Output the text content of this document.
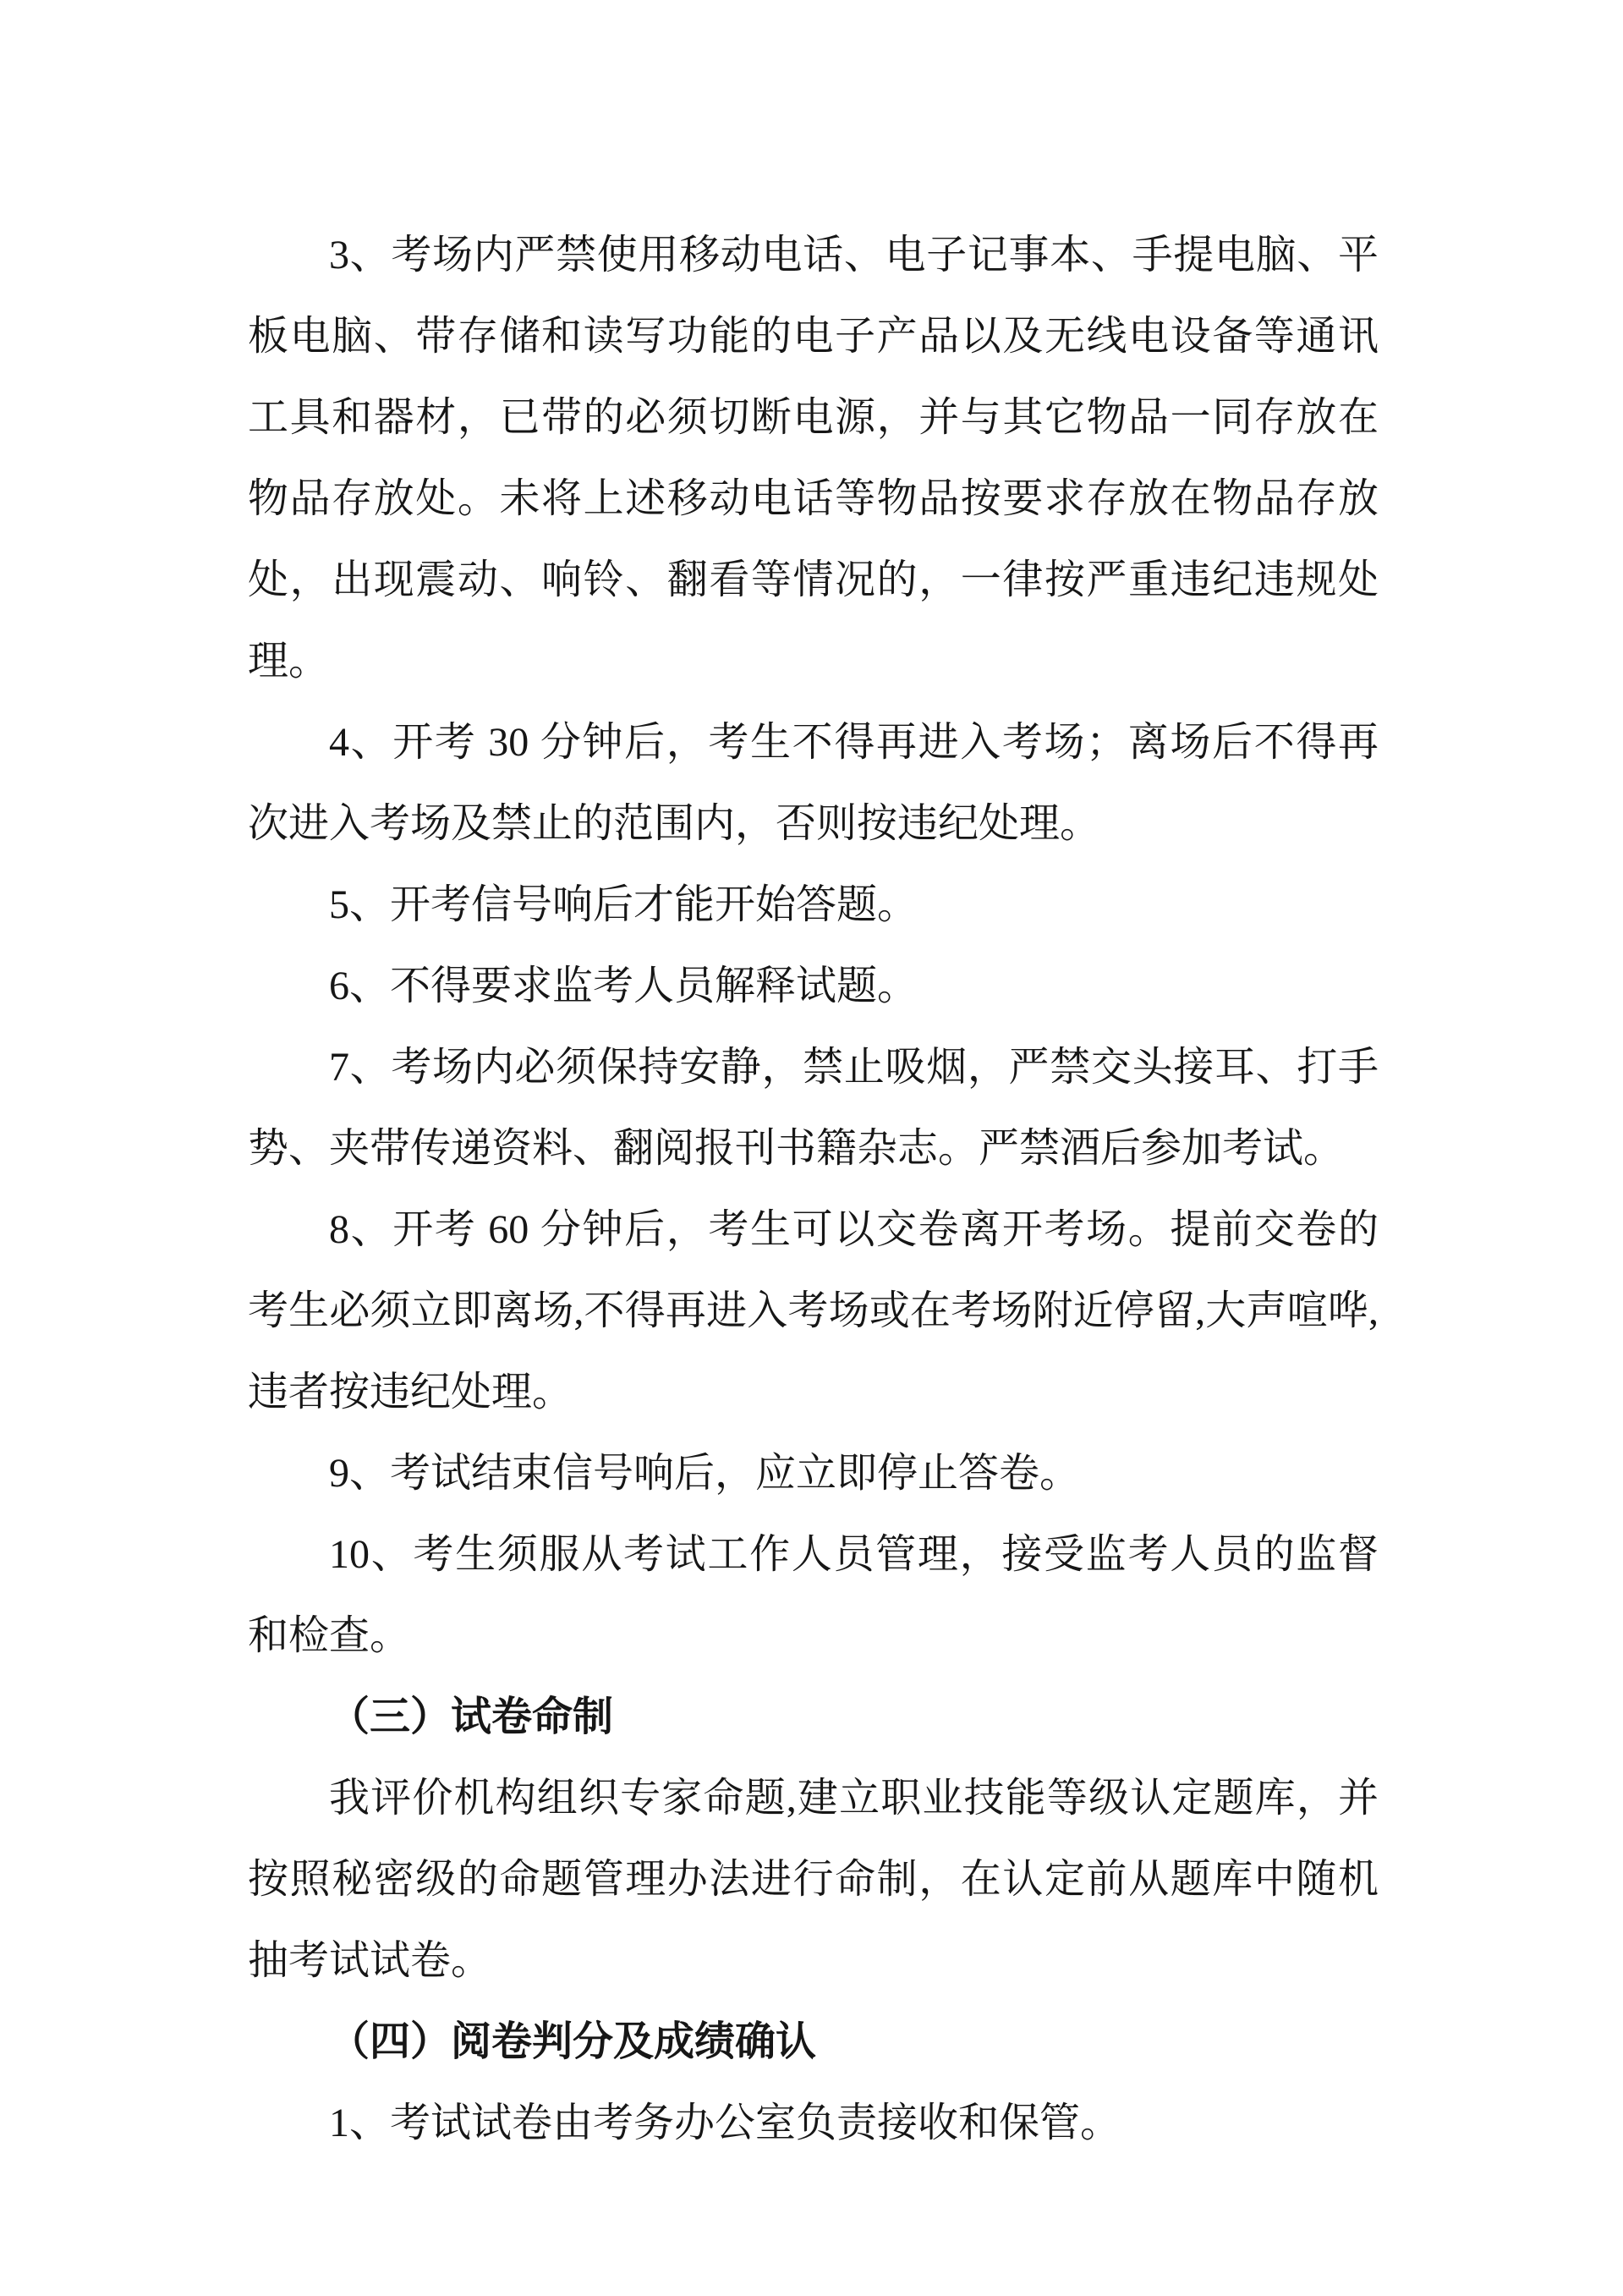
3、考场内严禁使用移动电话、电子记事本、手提电脑、平板电脑、带存储和读写功能的电子产品以及无线电设备等通讯工具和器材，已带的必须切断电源，并与其它物品一同存放在物品存放处。未将上述移动电话等物品按要求存放在物品存放处，出现震动、响铃、翻看等情况的，一律按严重违纪违规处理。

4、开考 30 分钟后，考生不得再进入考场；离场后不得再次进入考场及禁止的范围内，否则按违纪处理。

5、开考信号响后才能开始答题。

6、不得要求监考人员解释试题。

7、考场内必须保持安静，禁止吸烟，严禁交头接耳、打手势、夹带传递资料、翻阅报刊书籍杂志。严禁酒后参加考试。

8、开考 60 分钟后，考生可以交卷离开考场。提前交卷的考生必须立即离场,不得再进入考场或在考场附近停留,大声喧哗,违者按违纪处理。

9、考试结束信号响后，应立即停止答卷。

10、考生须服从考试工作人员管理，接受监考人员的监督和检查。

（三）试卷命制

我评价机构组织专家命题,建立职业技能等级认定题库，并按照秘密级的命题管理办法进行命制，在认定前从题库中随机抽考试试卷。

（四）阅卷判分及成绩确认

1、考试试卷由考务办公室负责接收和保管。
